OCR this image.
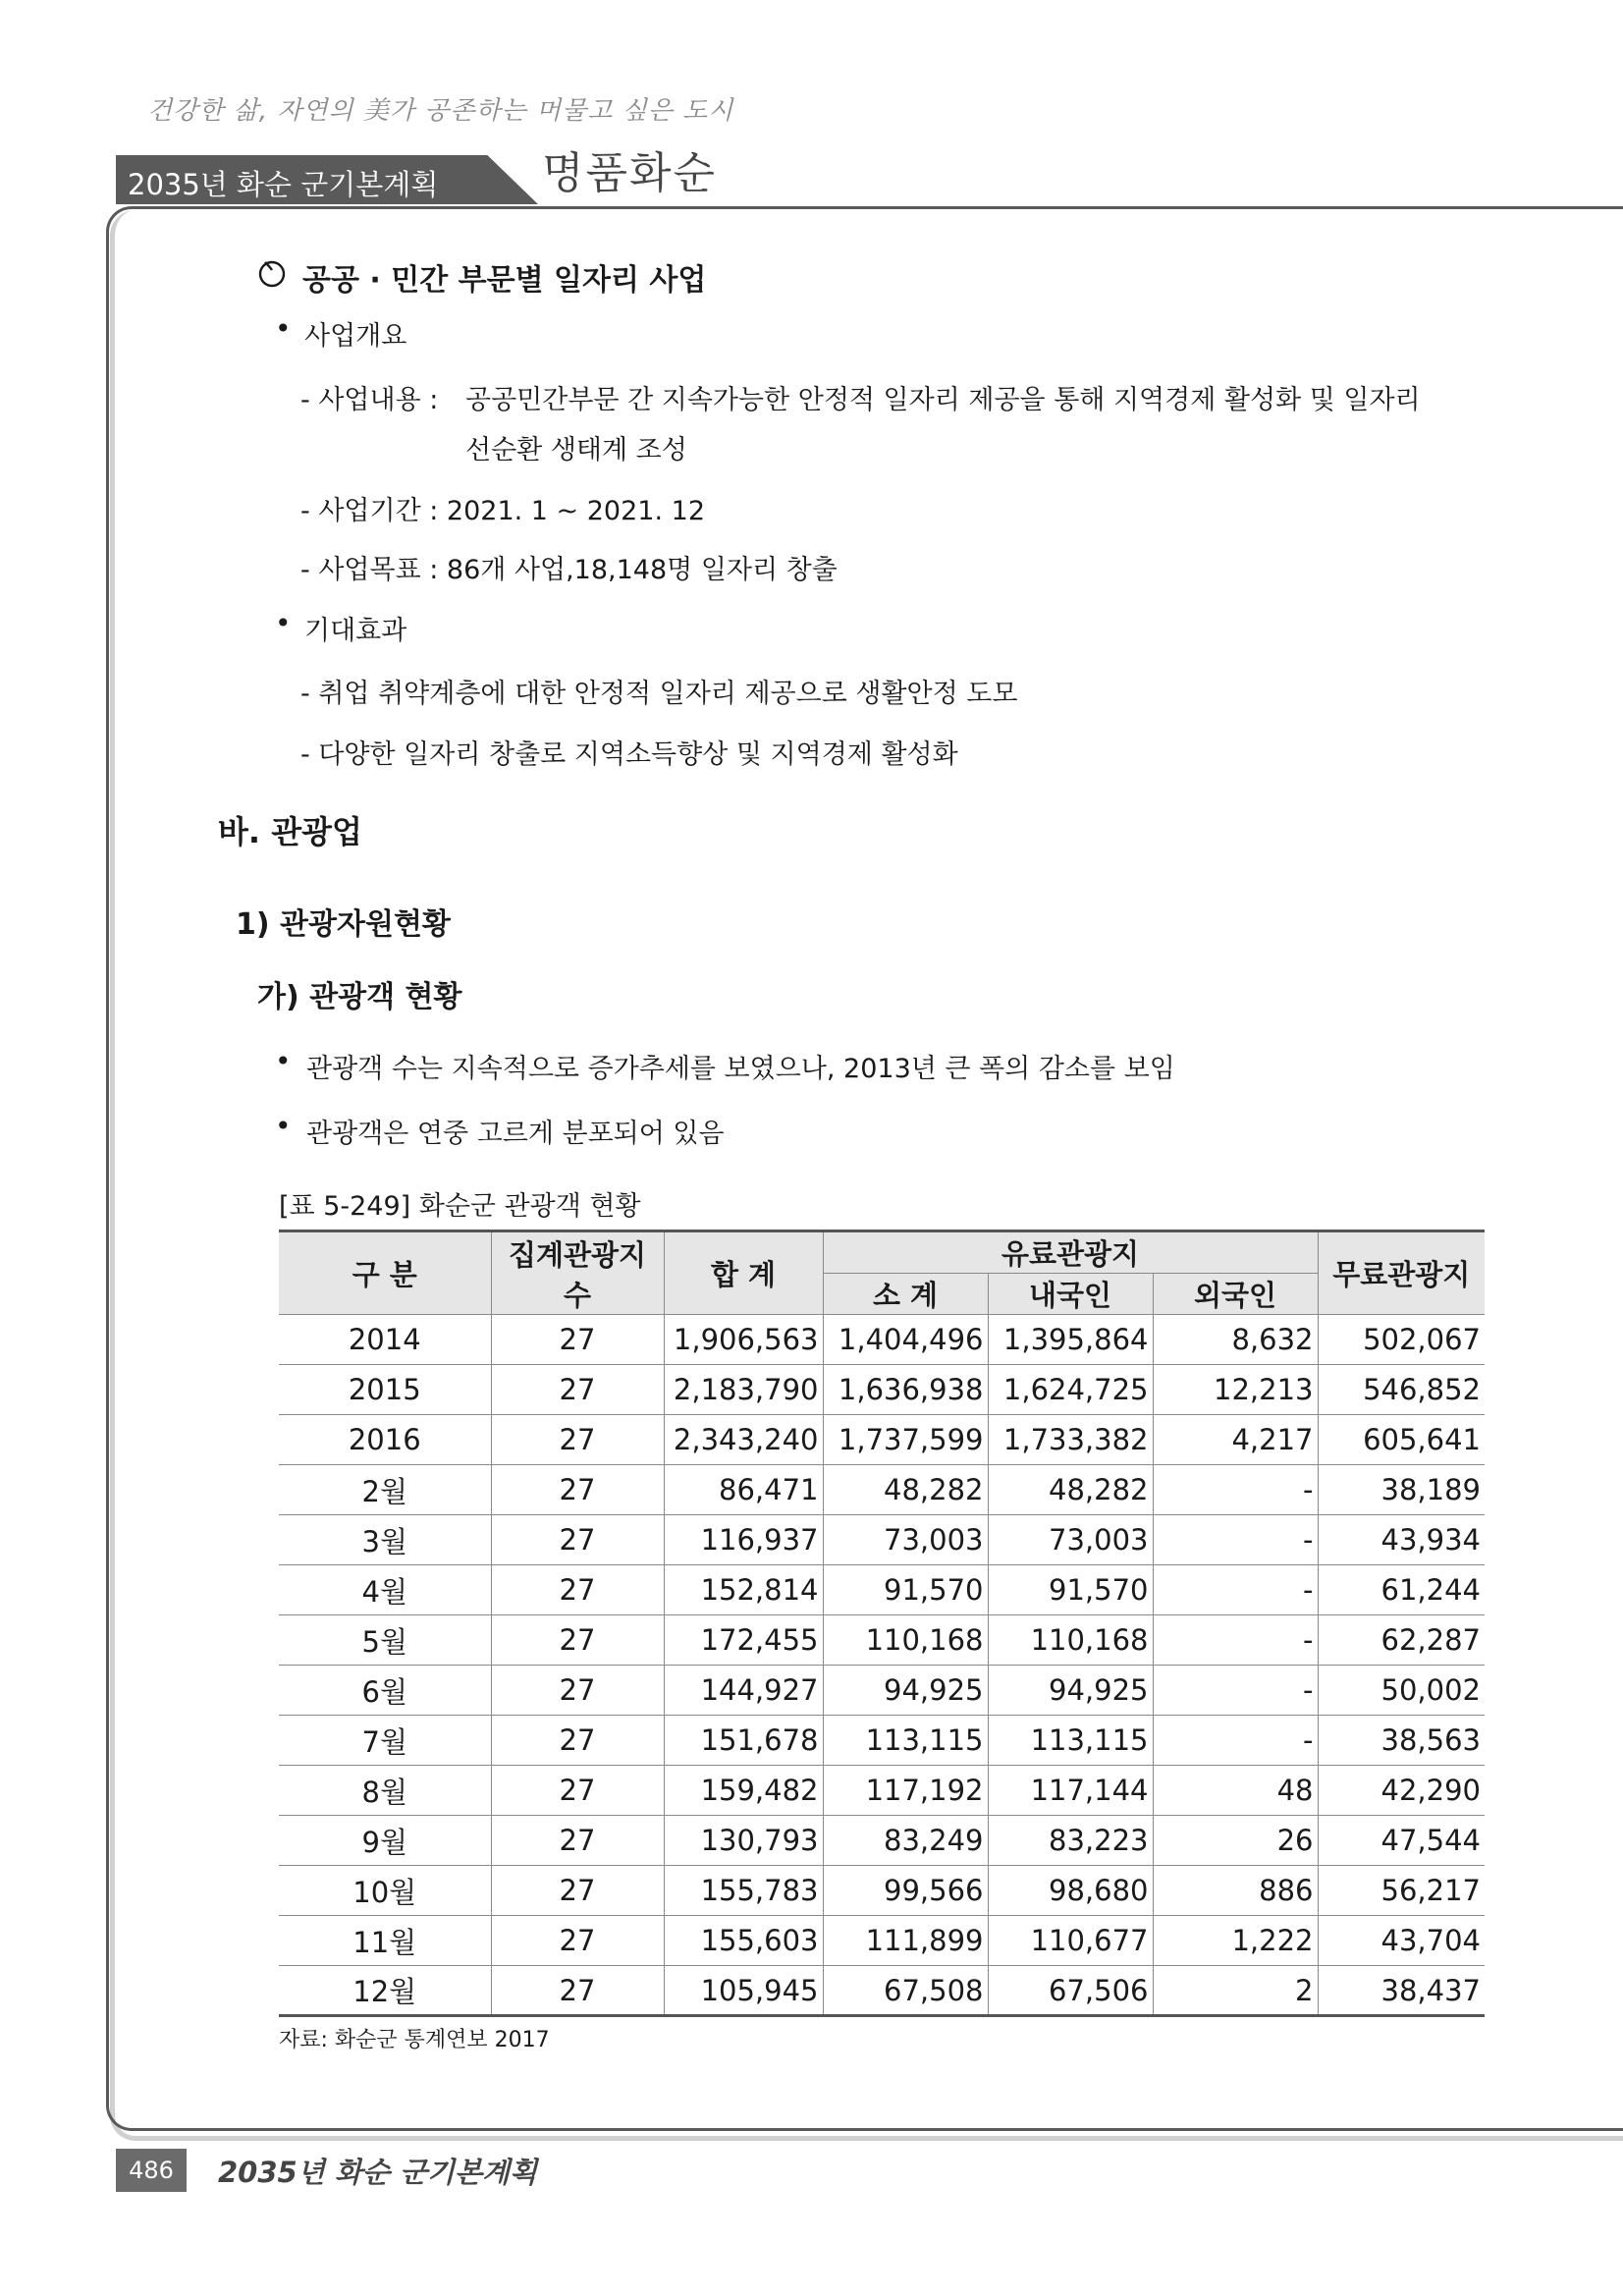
건강한 삶, 자연의 美가 공존하는 머물고 싶은 도시
2035년 화순 군기본계획 명품화순
공공 · 민간 부문별 일자리 사업
• 사업개요
- 사업내용 : 공공민간부문 간 지속가능한 안정적 일자리 제공을 통해 지역경제 활성화 및 일자리
선순환 생태계 조성
- 사업기간 : 2021. 1 ~ 2021. 12
- 사업목표 : 86개 사업,18,148명 일자리 창출
• 기대효과
- 취업 취약계층에 대한 안정적 일자리 제공으로 생활안정 도모
- 다양한 일자리 창출로 지역소득향상 및 지역경제 활성화
바. 관광업
1) 관광자원현황
가) 관광객 현황
• 관광객 수는 지속적으로 증가추세를 보였으나, 2013년 큰 폭의 감소를 보임
• 관광객은 연중 고르게 분포되어 있음
[표 5-249] 화순군 관광객 현황
구 분	집계관광지수	합 계	유료관광지			무료관광지
			소 계	내국인	외국인	
2014	27	1,906,563	1,404,496	1,395,864	8,632	502,067
2015	27	2,183,790	1,636,938	1,624,725	12,213	546,852
2016	27	2,343,240	1,737,599	1,733,382	4,217	605,641
2월	27	86,471	48,282	48,282	-	38,189
3월	27	116,937	73,003	73,003	-	43,934
4월	27	152,814	91,570	91,570	-	61,244
5월	27	172,455	110,168	110,168	-	62,287
6월	27	144,927	94,925	94,925	-	50,002
7월	27	151,678	113,115	113,115	-	38,563
8월	27	159,482	117,192	117,144	48	42,290
9월	27	130,793	83,249	83,223	26	47,544
10월	27	155,783	99,566	98,680	886	56,217
11월	27	155,603	111,899	110,677	1,222	43,704
12월	27	105,945	67,508	67,506	2	38,437
자료: 화순군 통계연보 2017
486	2035년 화순 군기본계획
